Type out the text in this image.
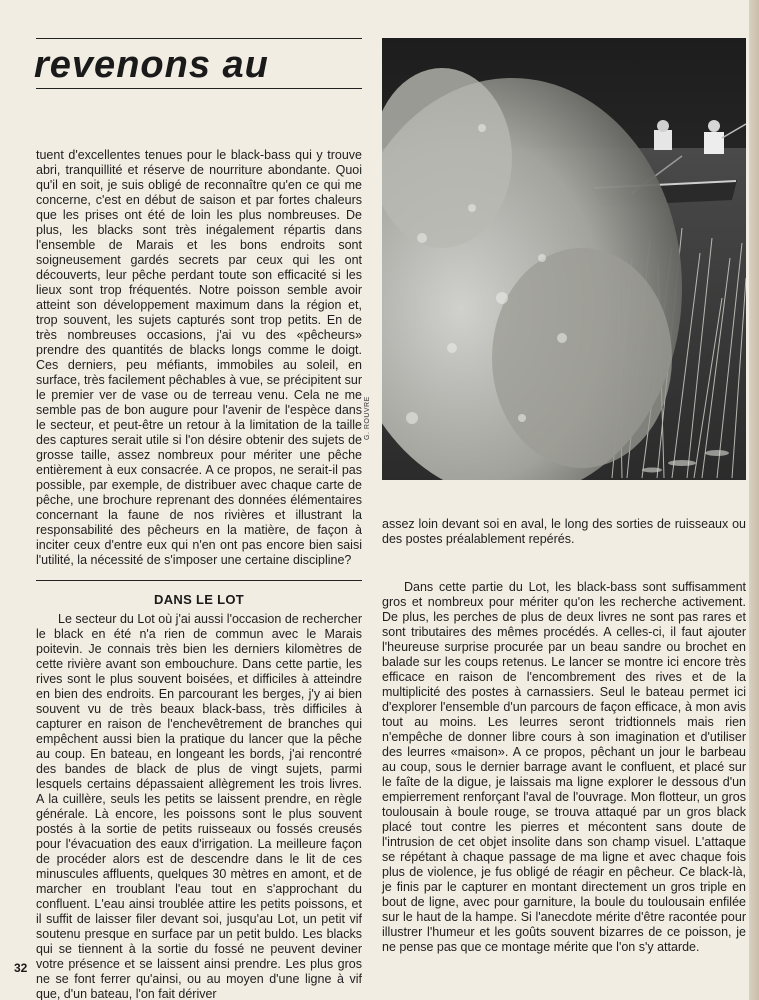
revenons au

tuent d'excellentes tenues pour le black-bass qui y trouve abri, tranquillité et réserve de nourriture abondante. Quoi qu'il en soit, je suis obligé de reconnaître qu'en ce qui me concerne, c'est en début de saison et par fortes chaleurs que les prises ont été de loin les plus nombreuses. De plus, les blacks sont très inégalement répartis dans l'ensemble de Marais et les bons endroits sont soigneusement gardés secrets par ceux qui les ont découverts, leur pêche perdant toute son efficacité si les lieux sont trop fréquentés. Notre poisson semble avoir atteint son développement maximum dans la région et, trop souvent, les sujets capturés sont trop petits. En de très nombreuses occasions, j'ai vu des «pêcheurs» prendre des quantités de blacks longs comme le doigt. Ces derniers, peu méfiants, immobiles au soleil, en surface, très facilement pêchables à vue, se précipitent sur le premier ver de vase ou de terreau venu. Cela ne me semble pas de bon augure pour l'avenir de l'espèce dans le secteur, et peut-être un retour à la limitation de la taille des captures serait utile si l'on désire obtenir des sujets de grosse taille, assez nombreux pour mériter une pêche entièrement à eux consacrée. A ce propos, ne serait-il pas possible, par exemple, de distribuer avec chaque carte de pêche, une brochure reprenant des données élémentaires concernant la faune de nos rivières et illustrant la responsabilité des pêcheurs en la matière, de façon à inciter ceux d'entre eux qui n'en ont pas encore bien saisi l'utilité, la nécessité de s'imposer une certaine discipline?

G. ROUVRE

assez loin devant soi en aval, le long des sorties de ruisseaux ou des postes préalablement repérés.

DANS LE LOT

Le secteur du Lot où j'ai aussi l'occasion de rechercher le black en été n'a rien de commun avec le Marais poitevin. Je connais très bien les derniers kilomètres de cette rivière avant son embouchure. Dans cette partie, les rives sont le plus souvent boisées, et difficiles à atteindre en bien des endroits. En parcourant les berges, j'y ai bien souvent vu de très beaux black-bass, très difficiles à capturer en raison de l'enchevêtrement de branches qui empêchent aussi bien la pratique du lancer que la pêche au coup. En bateau, en longeant les bords, j'ai rencontré des bandes de black de plus de vingt sujets, parmi lesquels certains dépassaient allègrement les trois livres. A la cuillère, seuls les petits se laissent prendre, en règle générale. Là encore, les poissons sont le plus souvent postés à la sortie de petits ruisseaux ou fossés creusés pour l'évacuation des eaux d'irrigation. La meilleure façon de procéder alors est de descendre dans le lit de ces minuscules affluents, quelques 30 mètres en amont, et de marcher en troublant l'eau tout en s'approchant du confluent. L'eau ainsi troublée attire les petits poissons, et il suffit de laisser filer devant soi, jusqu'au Lot, un petit vif soutenu presque en surface par un petit buldo. Les blacks qui se tiennent à la sortie du fossé ne peuvent deviner votre présence et se laissent ainsi prendre. Les plus gros ne se font ferrer qu'ainsi, ou au moyen d'une ligne à vif que, d'un bateau, l'on fait dériver

Dans cette partie du Lot, les black-bass sont suffisamment gros et nombreux pour mériter qu'on les recherche activement. De plus, les perches de plus de deux livres ne sont pas rares et sont tributaires des mêmes procédés. A celles-ci, il faut ajouter l'heureuse surprise procurée par un beau sandre ou brochet en balade sur les coups retenus. Le lancer se montre ici encore très efficace en raison de l'encombrement des rives et de la multiplicité des postes à carnassiers. Seul le bateau permet ici d'explorer l'ensemble d'un parcours de façon efficace, à mon avis tout au moins. Les leurres seront tridtionnels mais rien n'empêche de donner libre cours à son imagination et d'utiliser des leurres «maison». A ce propos, pêchant un jour le barbeau au coup, sous le dernier barrage avant le confluent, et placé sur le faîte de la digue, je laissais ma ligne explorer le dessous d'un empierrement renforçant l'aval de l'ouvrage. Mon flotteur, un gros toulousain à boule rouge, se trouva attaqué par un gros black placé tout contre les pierres et mécontent sans doute de l'intrusion de cet objet insolite dans son champ visuel. L'attaque se répétant à chaque passage de ma ligne et avec chaque fois plus de violence, je fus obligé de réagir en pêcheur. Ce black-là, je finis par le capturer en montant directement un gros triple en bout de ligne, avec pour garniture, la boule du toulousain enfilée sur le haut de la hampe. Si l'anecdote mérite d'être racontée pour illustrer l'humeur et les goûts souvent bizarres de ce poisson, je ne pense pas que ce montage mérite que l'on s'y attarde.

32
